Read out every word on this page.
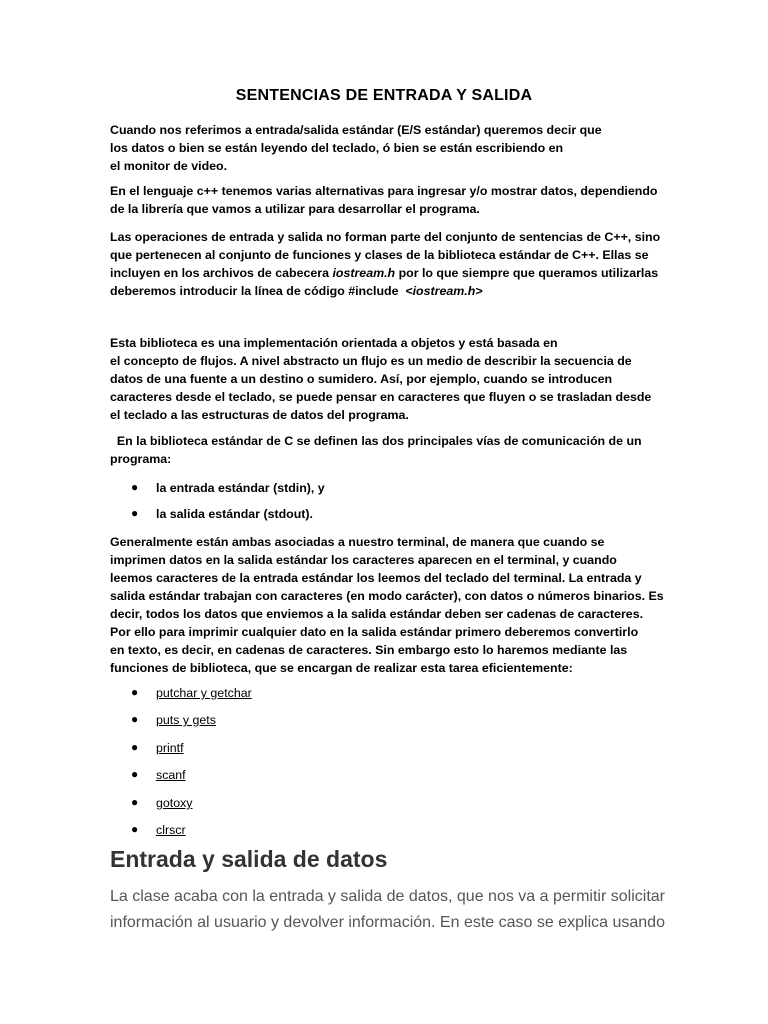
SENTENCIAS DE ENTRADA Y SALIDA

Cuando nos referimos a entrada/salida estándar (E/S estándar) queremos decir que
los datos o bien se están leyendo del teclado, ó bien se están escribiendo en
el monitor de video.

En el lenguaje c++ tenemos varias alternativas para ingresar y/o mostrar datos, dependiendo
de la librería que vamos a utilizar para desarrollar el programa.

Las operaciones de entrada y salida no forman parte del conjunto de sentencias de C++, sino
que pertenecen al conjunto de funciones y clases de la biblioteca estándar de C++. Ellas se
incluyen en los archivos de cabecera iostream.h por lo que siempre que queramos utilizarlas
deberemos introducir la línea de código #include  <iostream.h>

Esta biblioteca es una implementación orientada a objetos y está basada en
el concepto de flujos. A nivel abstracto un flujo es un medio de describir la secuencia de
datos de una fuente a un destino o sumidero. Así, por ejemplo, cuando se introducen
caracteres desde el teclado, se puede pensar en caracteres que fluyen o se trasladan desde
el teclado a las estructuras de datos del programa.

En la biblioteca estándar de C se definen las dos principales vías de comunicación de un
programa:

● la entrada estándar (stdin), y
● la salida estándar (stdout).

Generalmente están ambas asociadas a nuestro terminal, de manera que cuando se
imprimen datos en la salida estándar los caracteres aparecen en el terminal, y cuando
leemos caracteres de la entrada estándar los leemos del teclado del terminal. La entrada y
salida estándar trabajan con caracteres (en modo carácter), con datos o números binarios. Es
decir, todos los datos que enviemos a la salida estándar deben ser cadenas de caracteres.
Por ello para imprimir cualquier dato en la salida estándar primero deberemos convertirlo
en texto, es decir, en cadenas de caracteres. Sin embargo esto lo haremos mediante las
funciones de biblioteca, que se encargan de realizar esta tarea eficientemente:

● putchar y getchar
● puts y gets
● printf
● scanf
● gotoxy
● clrscr
Entrada y salida de datos
La clase acaba con la entrada y salida de datos, que nos va a permitir solicitar
información al usuario y devolver información. En este caso se explica usando
